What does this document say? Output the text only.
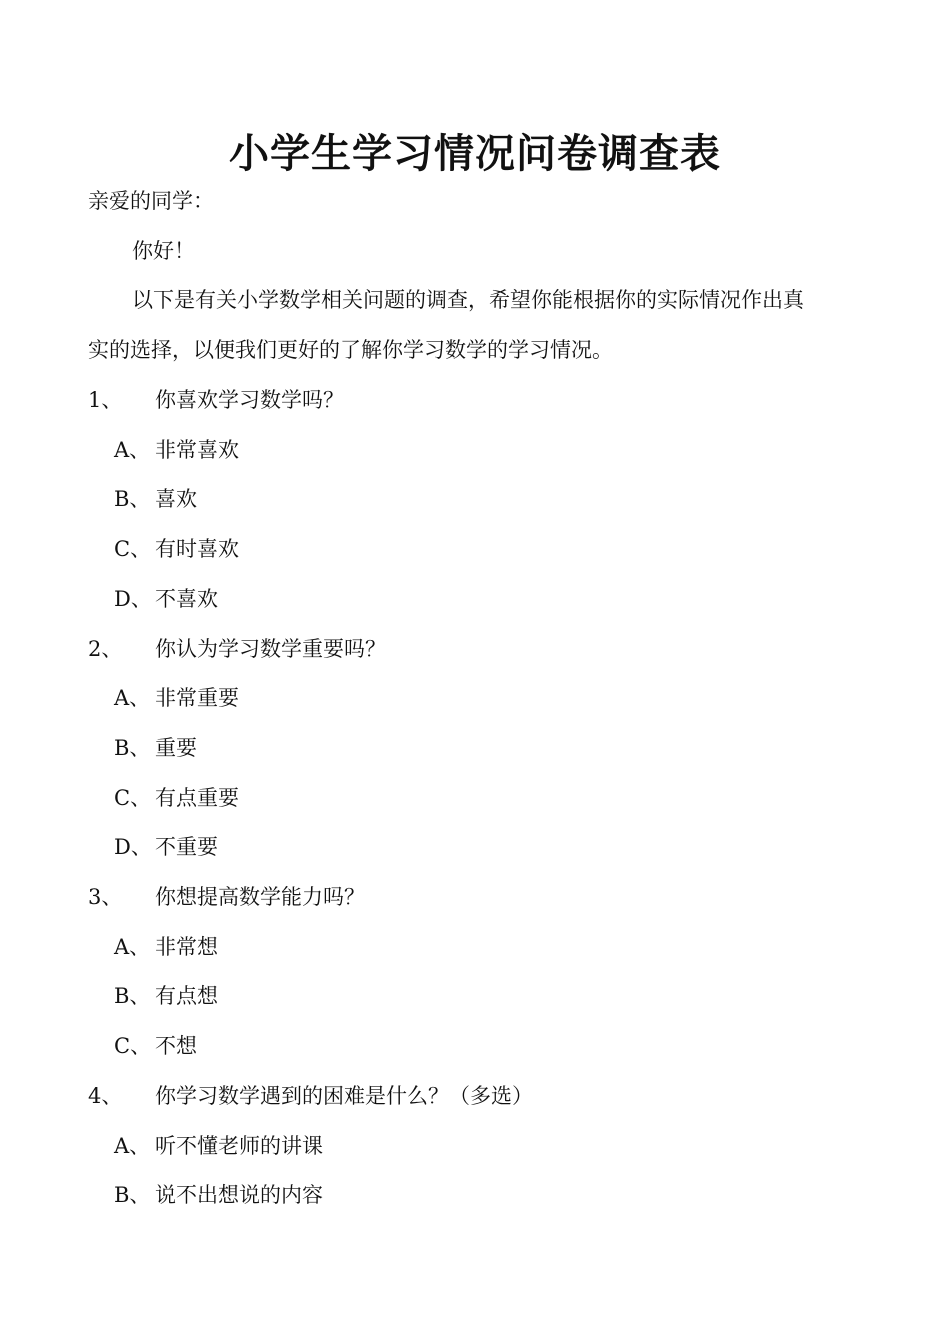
小学生学习情况问卷调查表
亲爱的同学：
你好！
以下是有关小学数学相关问题的调查，希望你能根据你的实际情况作出真
实的选择，以便我们更好的了解你学习数学的学习情况。
1、 你喜欢学习数学吗？
A、 非常喜欢
B、 喜欢
C、 有时喜欢
D、 不喜欢
2、 你认为学习数学重要吗？
A、 非常重要
B、 重要
C、 有点重要
D、 不重要
3、 你想提高数学能力吗？
A、 非常想
B、 有点想
C、 不想
4、 你学习数学遇到的困难是什么？（多选）
A、 听不懂老师的讲课
B、 说不出想说的内容
